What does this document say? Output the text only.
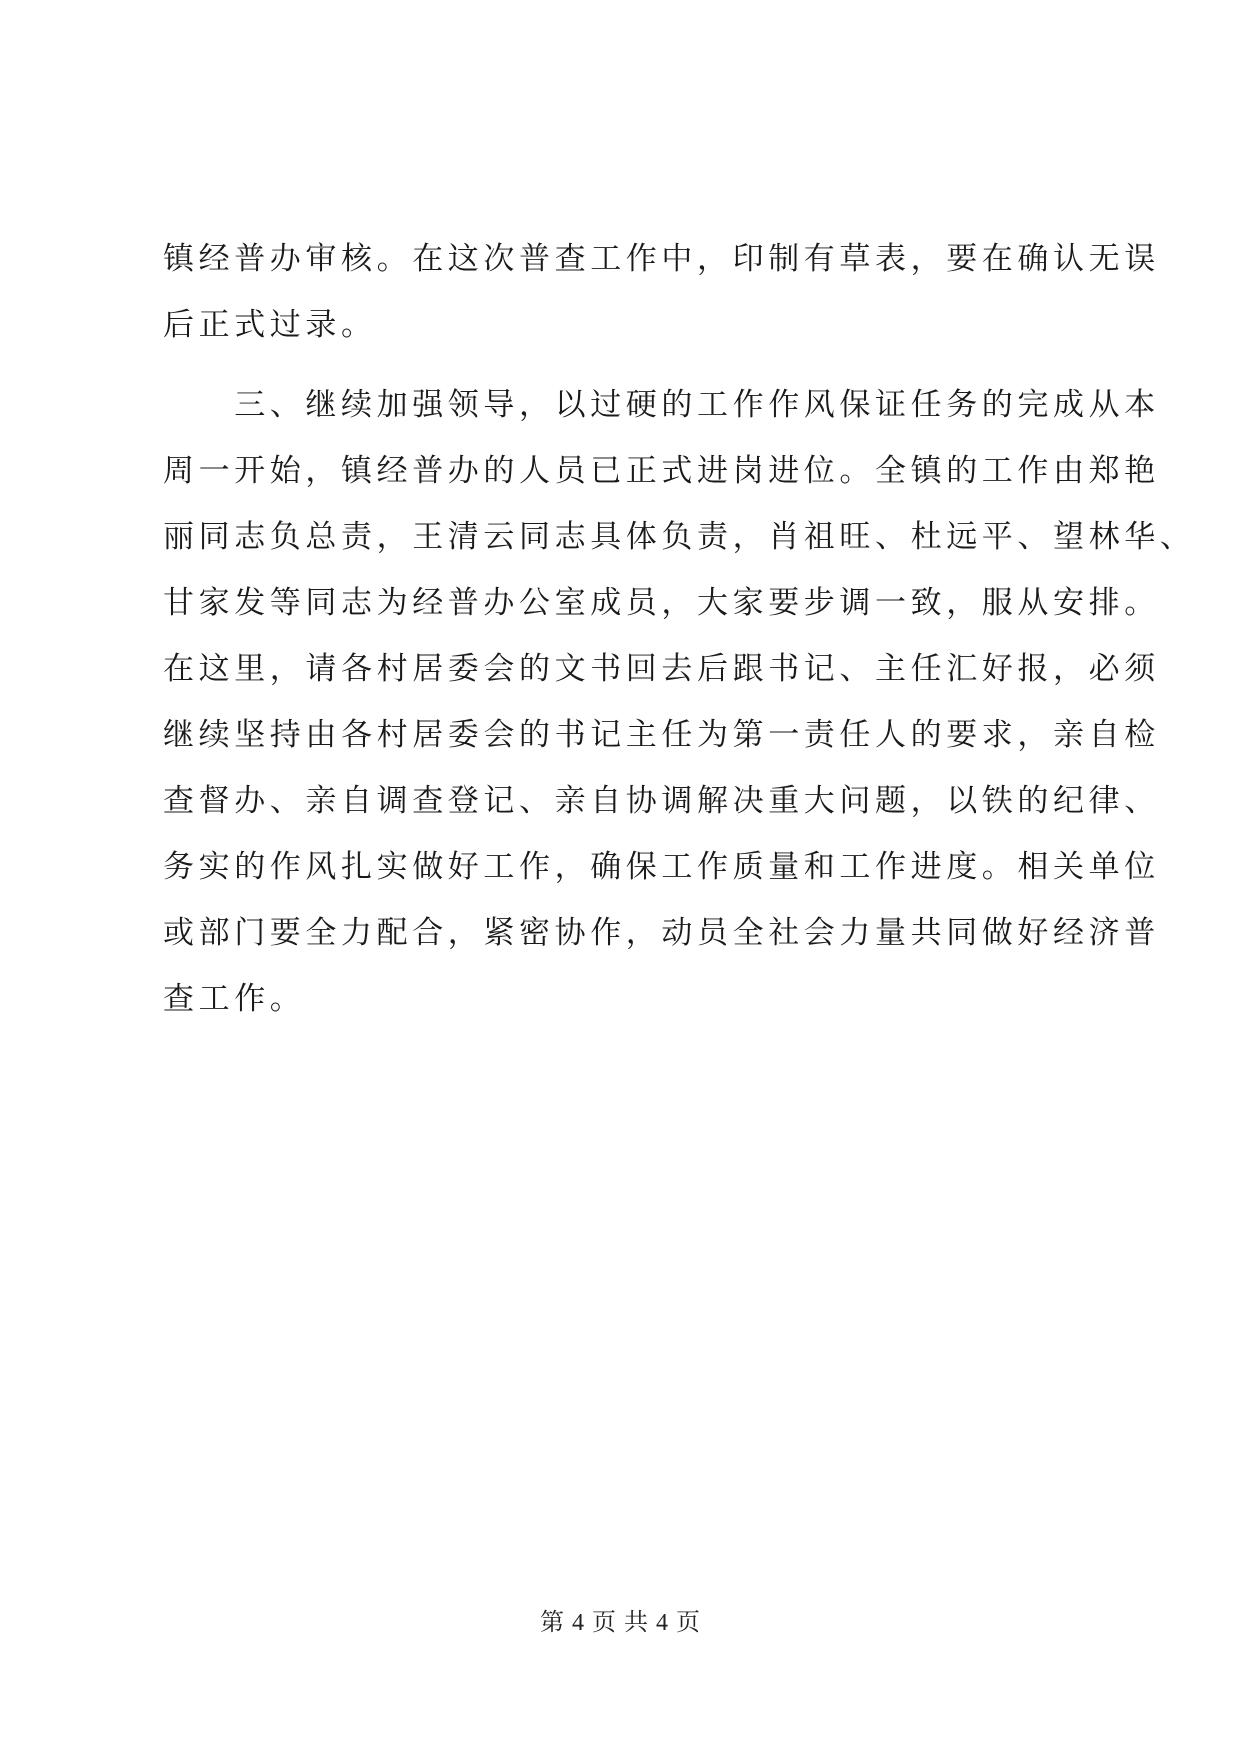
镇经普办审核。在这次普查工作中，印制有草表，要在确认无误
后正式过录。
　　三、继续加强领导，以过硬的工作作风保证任务的完成从本
周一开始，镇经普办的人员已正式进岗进位。全镇的工作由郑艳
丽同志负总责，王清云同志具体负责，肖祖旺、杜远平、望林华、
甘家发等同志为经普办公室成员，大家要步调一致，服从安排。
在这里，请各村居委会的文书回去后跟书记、主任汇好报，必须
继续坚持由各村居委会的书记主任为第一责任人的要求，亲自检
查督办、亲自调查登记、亲自协调解决重大问题，以铁的纪律、
务实的作风扎实做好工作，确保工作质量和工作进度。相关单位
或部门要全力配合，紧密协作，动员全社会力量共同做好经济普
查工作。
第 4 页 共 4 页
